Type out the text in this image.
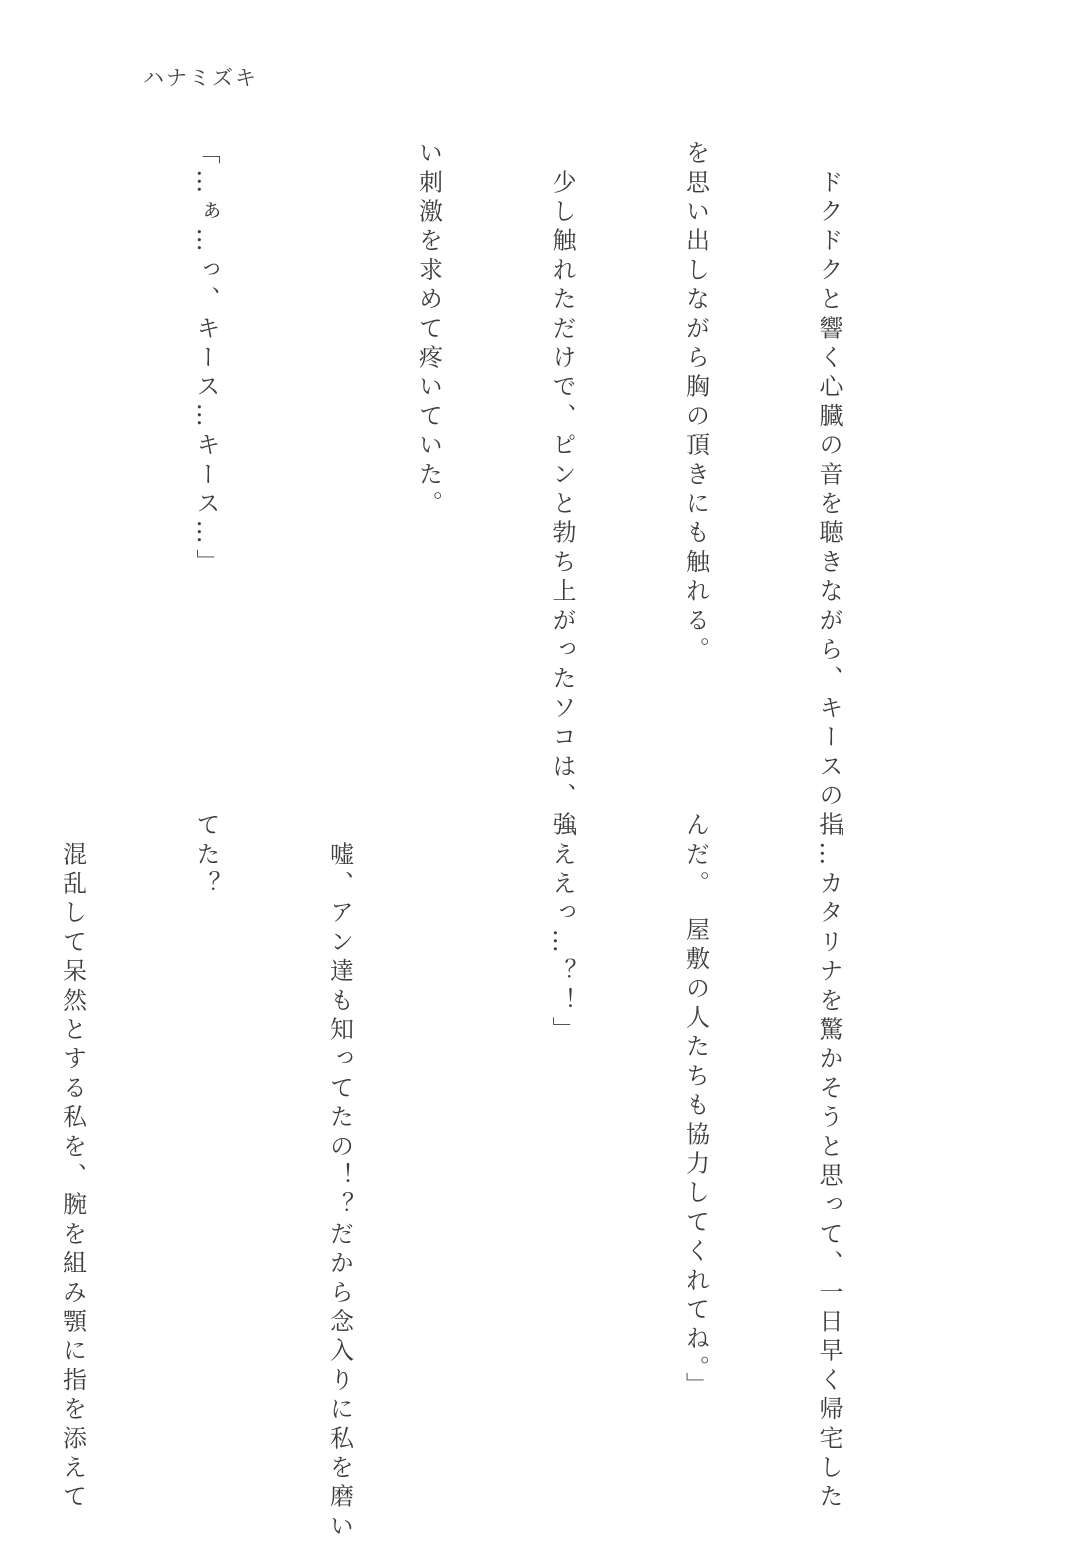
ハナミズキ

　ドクドクと響く心臓の音を聴きながら、キースの指

を思い出しながら胸の頂きにも触れる。

　少し触れただけで、ピンと勃ち上がったソコは、強

い刺激を求めて疼いていた。

「…ぁ…っ、キース…キース…」

「…カタリナを驚かそうと思って、一日早く帰宅した

んだ。　屋敷の人たちも協力してくれてね。」

「ええっ…？！」

　嘘、アン達も知ってたの！？だから念入りに私を磨い

てた？

　混乱して呆然とする私を、腕を組み顎に指を添えて
